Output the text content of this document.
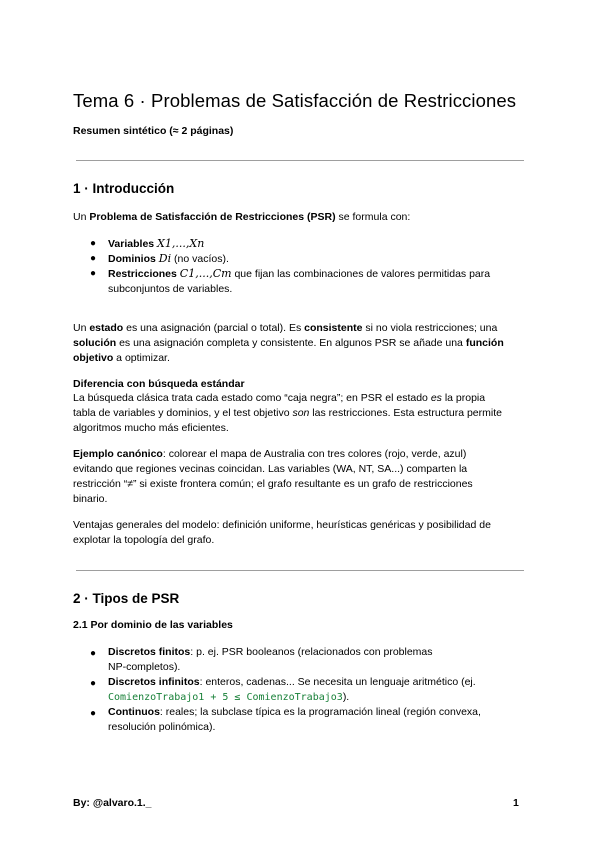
Tema 6 · Problemas de Satisfacción de Restricciones
Resumen sintético (≈ 2 páginas)
1 · Introducción
Un Problema de Satisfacción de Restricciones (PSR) se formula con:
● Variables X1,...,Xn
● Dominios Di (no vacíos).
● Restricciones C1,...,Cm que fijan las combinaciones de valores permitidas para
subconjuntos de variables.
Un estado es una asignación (parcial o total). Es consistente si no viola restricciones; una
solución es una asignación completa y consistente. En algunos PSR se añade una función
objetivo a optimizar.
Diferencia con búsqueda estándar
La búsqueda clásica trata cada estado como “caja negra”; en PSR el estado es la propia
tabla de variables y dominios, y el test objetivo son las restricciones. Esta estructura permite
algoritmos mucho más eficientes.
Ejemplo canónico: colorear el mapa de Australia con tres colores (rojo, verde, azul)
evitando que regiones vecinas coincidan. Las variables (WA, NT, SA...) comparten la
restricción “≠” si existe frontera común; el grafo resultante es un grafo de restricciones
binario.
Ventajas generales del modelo: definición uniforme, heurísticas genéricas y posibilidad de
explotar la topología del grafo.
2 · Tipos de PSR
2.1 Por dominio de las variables
● Discretos finitos: p. ej. PSR booleanos (relacionados con problemas
NP-completos).
● Discretos infinitos: enteros, cadenas... Se necesita un lenguaje aritmético (ej.
ComienzoTrabajo1 + 5 ≤ ComienzoTrabajo3).
● Continuos: reales; la subclase típica es la programación lineal (región convexa,
resolución polinómica).
By: @alvaro.1._	1
